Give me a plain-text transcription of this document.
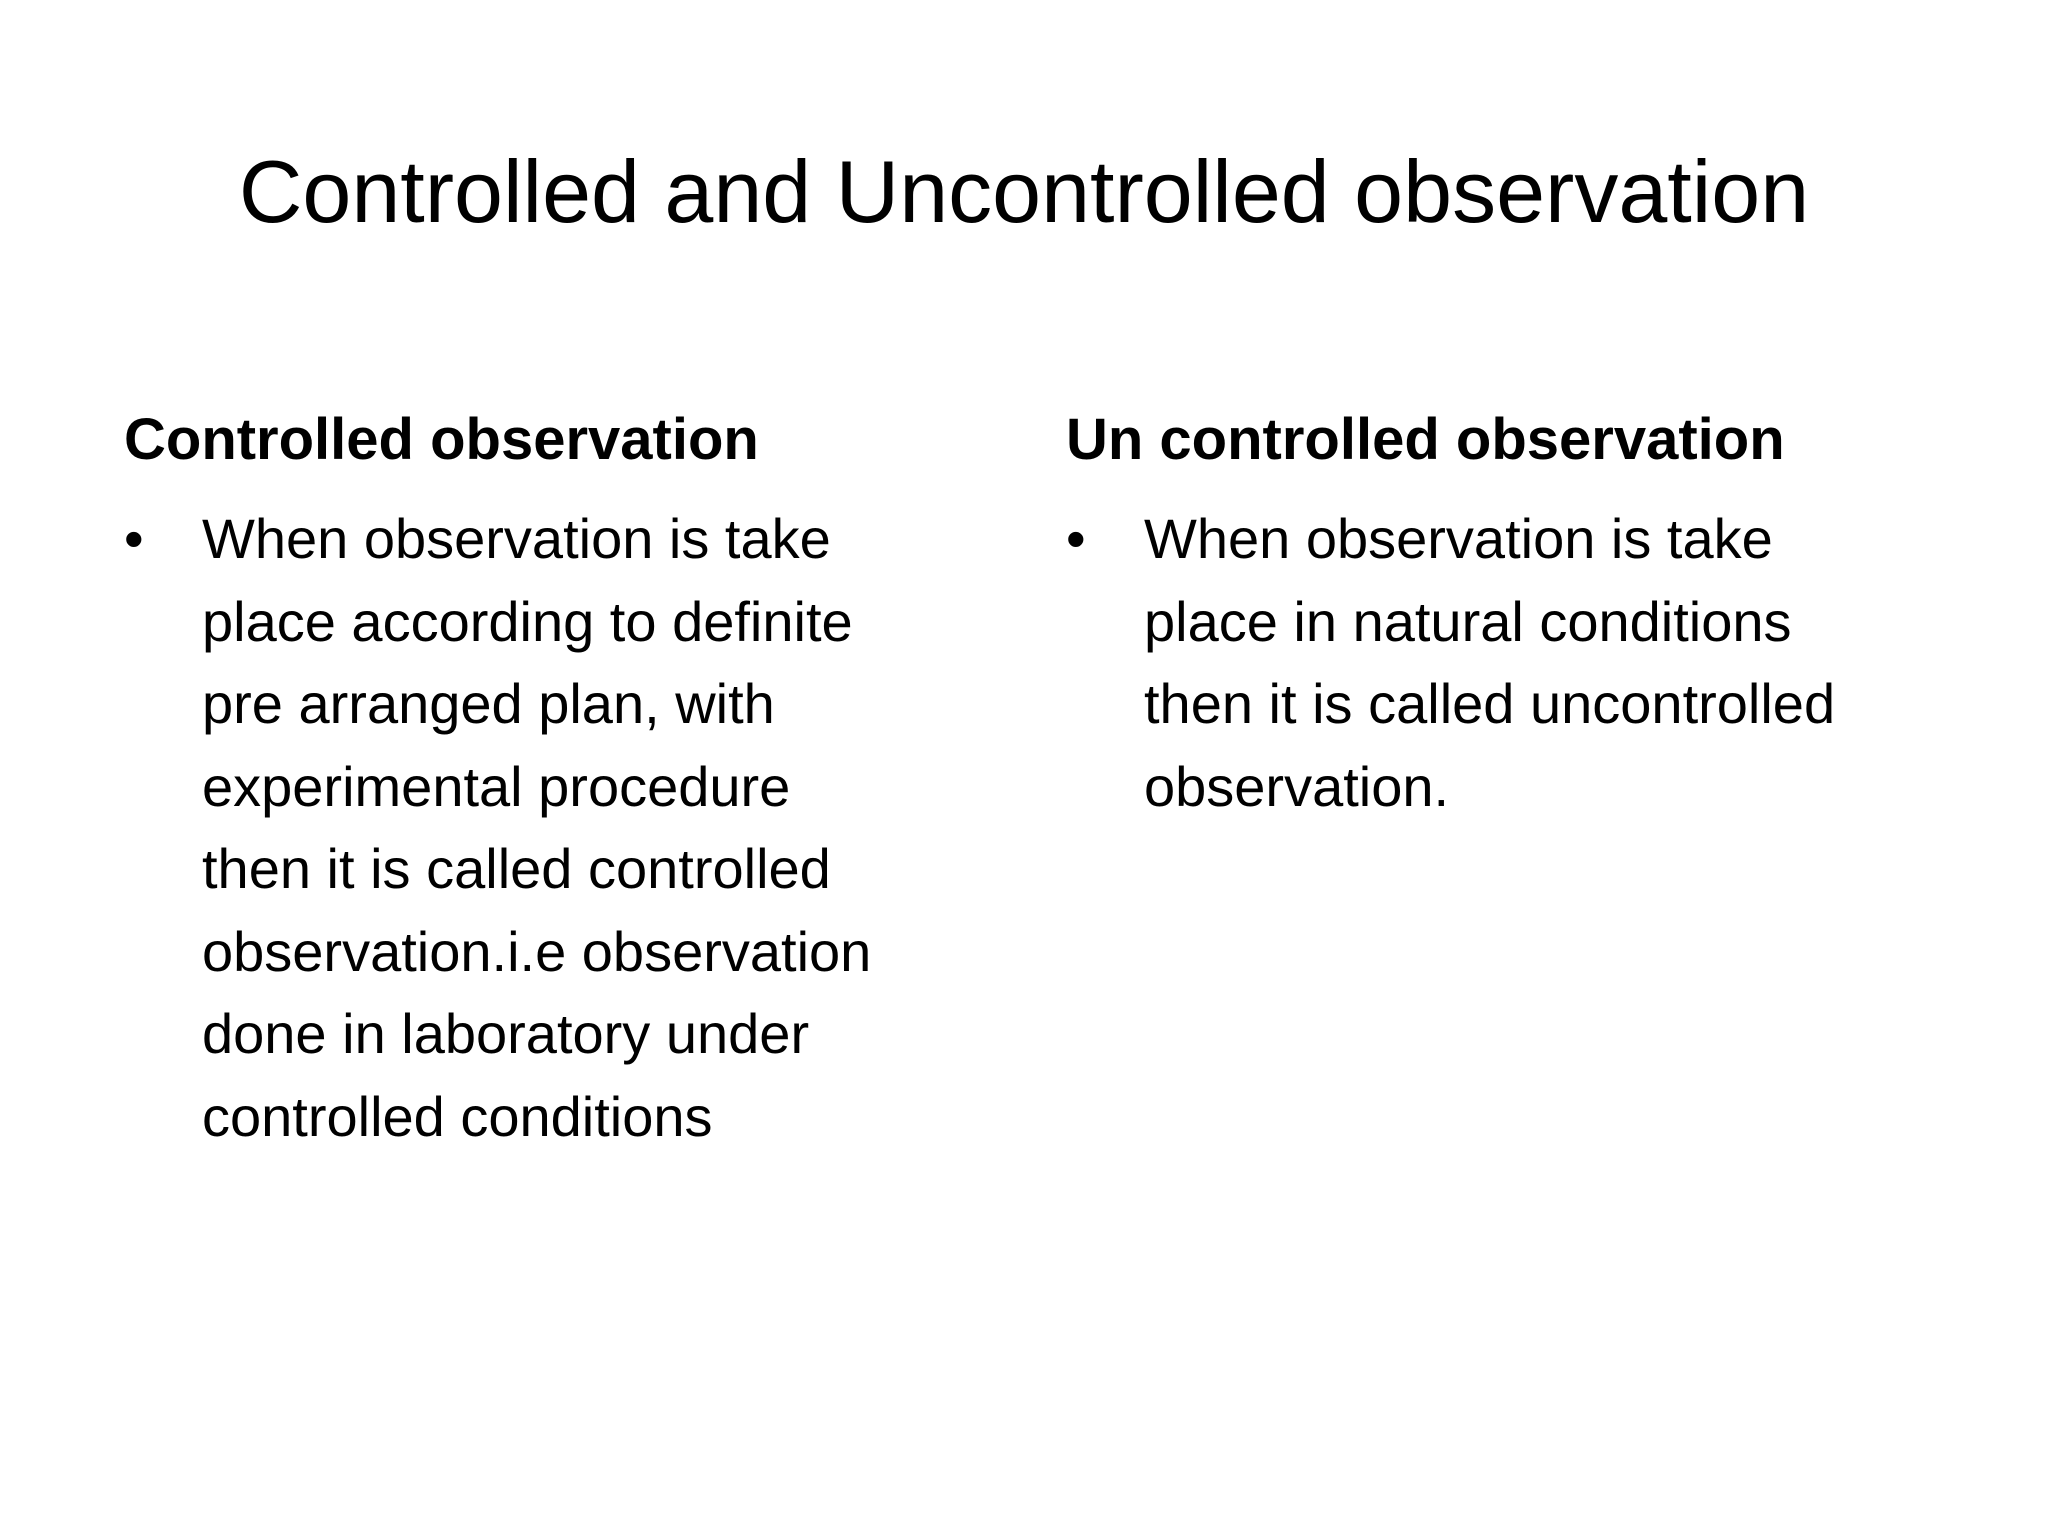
Controlled and Uncontrolled observation
Controlled observation
•	When observation is take
place according to definite
pre arranged plan, with
experimental procedure
then it is called controlled
observation.i.e observation
done in laboratory under
controlled conditions
Un controlled observation
•	When observation is take
place in natural conditions
then it is called uncontrolled
observation.
